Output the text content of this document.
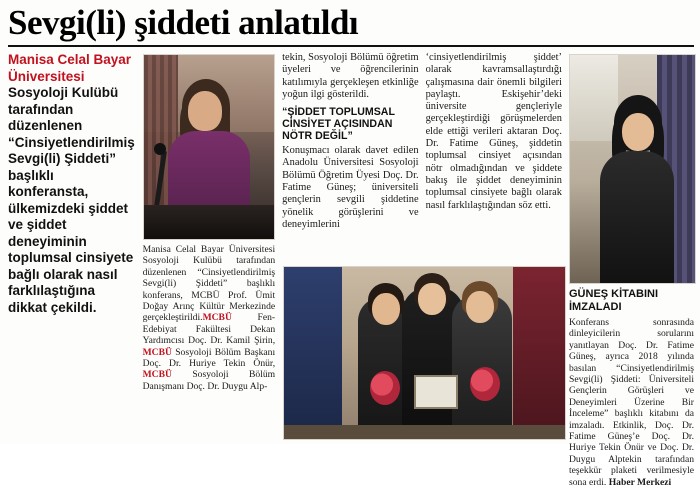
Sevgi(li) şiddeti anlatıldı

Manisa Celal Bayar Üniversitesi Sosyoloji Kulübü tarafından düzenlenen “Cinsiyetlendirilmiş Sevgi(li) Şiddeti” başlıklı konferansta, ülkemizdeki şiddet ve şiddet deneyiminin toplumsal cinsiyete bağlı olarak nasıl farklılaştığına dikkat çekildi.

Manisa Celal Bayar Üniversitesi Sosyoloji Kulübü tarafından düzenlenen “Cinsiyetlendirilmiş Sevgi(li) Şiddeti” başlıklı konferans, MCBÜ Prof. Ümit Doğay Arınç Kültür Merkezinde gerçekleştirildi.MCBÜ Fen-Edebiyat Fakültesi Dekan Yardımcısı Doç. Dr. Kamil Şirin, MCBÜ Sosyoloji Bölüm Başkanı Doç. Dr. Huriye Tekin Önür, MCBÜ Sosyoloji Bölüm Danışmanı Doç. Dr. Duygu Alp-

tekin, Sosyoloji Bölümü öğretim üyeleri ve öğrencilerinin katılımıyla gerçekleşen etkinliğe yoğun ilgi gösterildi.

“ŞİDDET TOPLUMSAL CİNSİYET AÇISINDAN NÖTR DEĞİL”

Konuşmacı olarak davet edilen Anadolu Üniversitesi Sosyoloji Bölümü Öğretim Üyesi Doç. Dr. Fatime Güneş; üniversiteli gençlerin sevgili şiddetine yönelik görüşlerini ve deneyimlerini

‘cinsiyetlendirilmiş şiddet’ olarak kavramsallaştırdığı çalışmasına dair önemli bilgileri paylaştı. Eskişehir’deki üniversite gençleriyle gerçekleştirdiği görüşmelerden elde ettiği verileri aktaran Doç. Dr. Fatime Güneş, şiddetin toplumsal cinsiyet açısından nötr olmadığından ve şiddete bakış ile şiddet deneyiminin toplumsal cinsiyete bağlı olarak nasıl farklılaştığından söz etti.

GÜNEŞ KİTABINI İMZALADI

Konferans sonrasında dinleyicilerin sorularını yanıtlayan Doç. Dr. Fatime Güneş, ayrıca 2018 yılında basılan “Cinsiyetlendirilmiş Sevgi(li) Şiddeti: Üniversiteli Gençlerin Görüşleri ve Deneyimleri Üzerine Bir İnceleme” başlıklı kitabını da imzaladı. Etkinlik, Doç. Dr. Fatime Güneş’e Doç. Dr. Huriye Tekin Önür ve Doç. Dr. Duygu Alptekin tarafından teşekkür plaketi verilmesiyle sona erdi. Haber Merkezi
